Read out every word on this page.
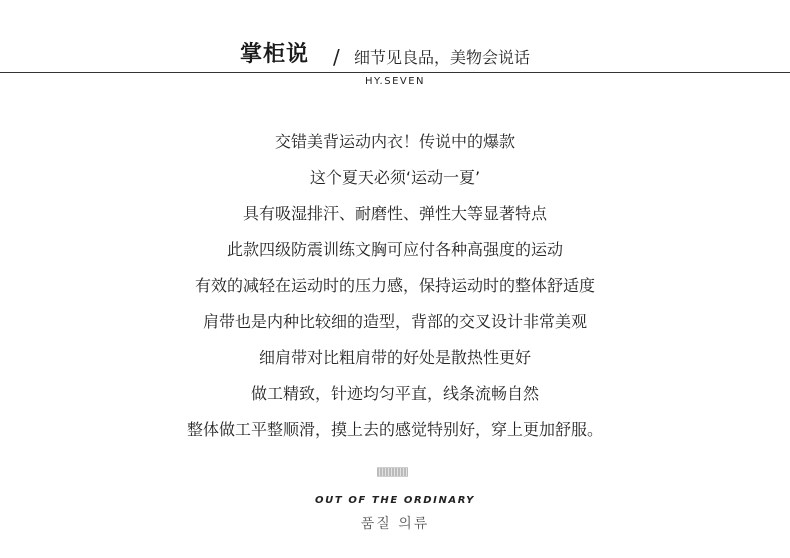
掌柜说 / 细节见良品，美物会说话
HY.SEVEN
交错美背运动内衣！传说中的爆款
这个夏天必须‘运动一夏’
具有吸湿排汗、耐磨性、弹性大等显著特点
此款四级防震训练文胸可应付各种高强度的运动
有效的减轻在运动时的压力感，保持运动时的整体舒适度
肩带也是内种比较细的造型，背部的交叉设计非常美观
细肩带对比粗肩带的好处是散热性更好
做工精致，针迹均匀平直，线条流畅自然
整体做工平整顺滑，摸上去的感觉特别好，穿上更加舒服。
OUT OF THE ORDINARY
품질 의류
